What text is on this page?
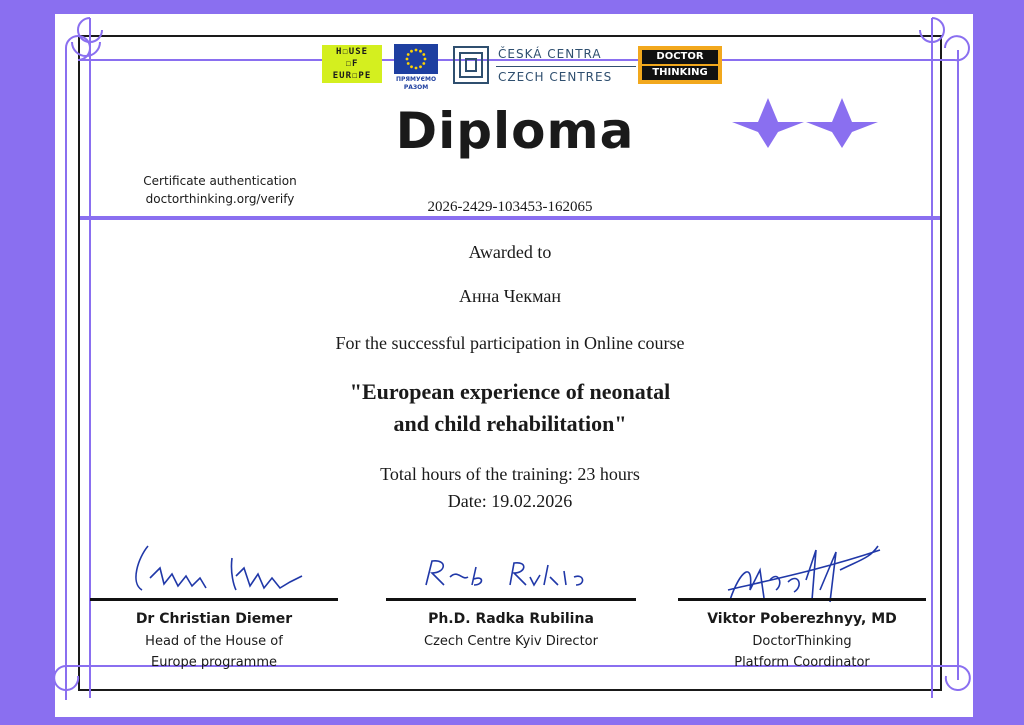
H☐USE
☐F
EUR☐PE	ПРЯМУЄМО
РАЗОМ
ČESKÁ CENTRA
CZECH CENTRES
DOCTOR
THINKING
Diploma
Certificate authentication
doctorthinking.org/verify	2026-2429-103453-162065
Awarded to
Анна Чекман
For the successful participation in Online course
"European experience of neonatal
and child rehabilitation"
Total hours of the training: 23 hours
Date: 19.02.2026
Dr Christian Diemer
Head of the House of
Europe programme
Ph.D. Radka Rubilina
Czech Centre Kyiv Director
Viktor Poberezhnyy, MD
DoctorThinking
Platform Coordinator
